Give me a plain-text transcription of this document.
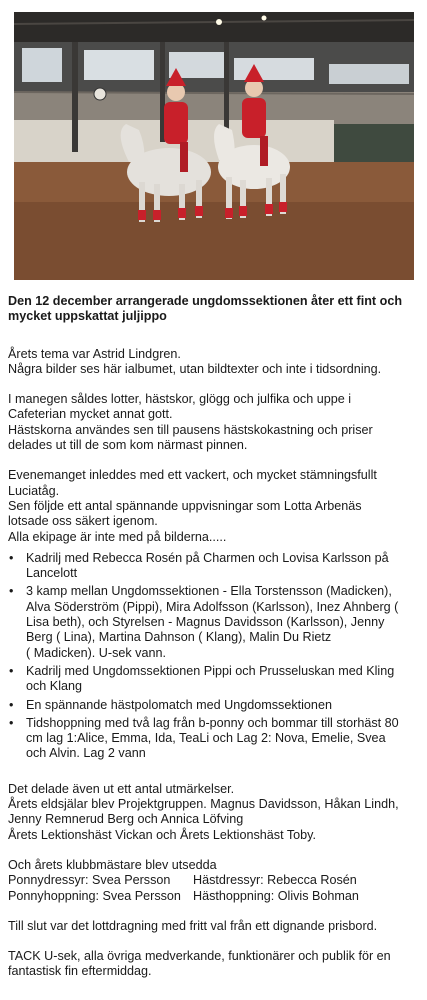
Den 12 december arrangerade ungdomssektionen åter ett fint och mycket uppskattat juljippo

Årets tema var Astrid Lindgren.
Några bilder ses här ialbumet, utan bildtexter och inte i tidsordning.

I manegen såldes lotter, hästskor, glögg och julfika och uppe i
Cafeterian mycket annat gott.
Hästskorna användes sen till pausens hästskokastning och priser
delades ut till de som kom närmast pinnen.

Evenemanget inleddes med ett vackert, och mycket stämningsfullt
Luciatåg.
Sen följde ett antal spännande uppvisningar som Lotta Arbenäs
lotsade oss säkert igenom.
Alla ekipage är inte med på bilderna.....

• Kadrilj med Rebecca Rosén på Charmen och Lovisa Karlsson på
Lancelott
• 3 kamp mellan Ungdomssektionen - Ella Torstensson (Madicken),
Alva Söderström (Pippi), Mira Adolfsson (Karlsson), Inez Ahnberg (
Lisa beth), och Styrelsen - Magnus Davidsson (Karlsson), Jenny
Berg ( Lina), Martina Dahnson ( Klang), Malin Du Rietz
( Madicken). U-sek vann.
• Kadrilj med Ungdomssektionen Pippi och Prusseluskan med Kling
och Klang
• En spännande hästpolomatch med Ungdomssektionen
• Tidshoppning med två lag från b-ponny och bommar till storhäst 80
cm lag 1:Alice, Emma, Ida, TeaLi och Lag 2: Nova, Emelie, Svea
och Alvin. Lag 2 vann

Det delade även ut ett antal utmärkelser.
Årets eldsjälar blev Projektgruppen. Magnus Davidsson, Håkan Lindh,
Jenny Remnerud Berg och Annica Löfving
Årets Lektionshäst Vickan och Årets Lektionshäst Toby.

Och årets klubbmästare blev utsedda
Ponnydressyr: Svea Persson	Hästdressyr: Rebecca Rosén
Ponnyhoppning: Svea Persson Hästhoppning: Olivis Bohman

Till slut var det lottdragning med fritt val från ett dignande prisbord.

TACK U-sek, alla övriga medverkande, funktionärer och publik för en
fantastisk fin eftermiddag.
